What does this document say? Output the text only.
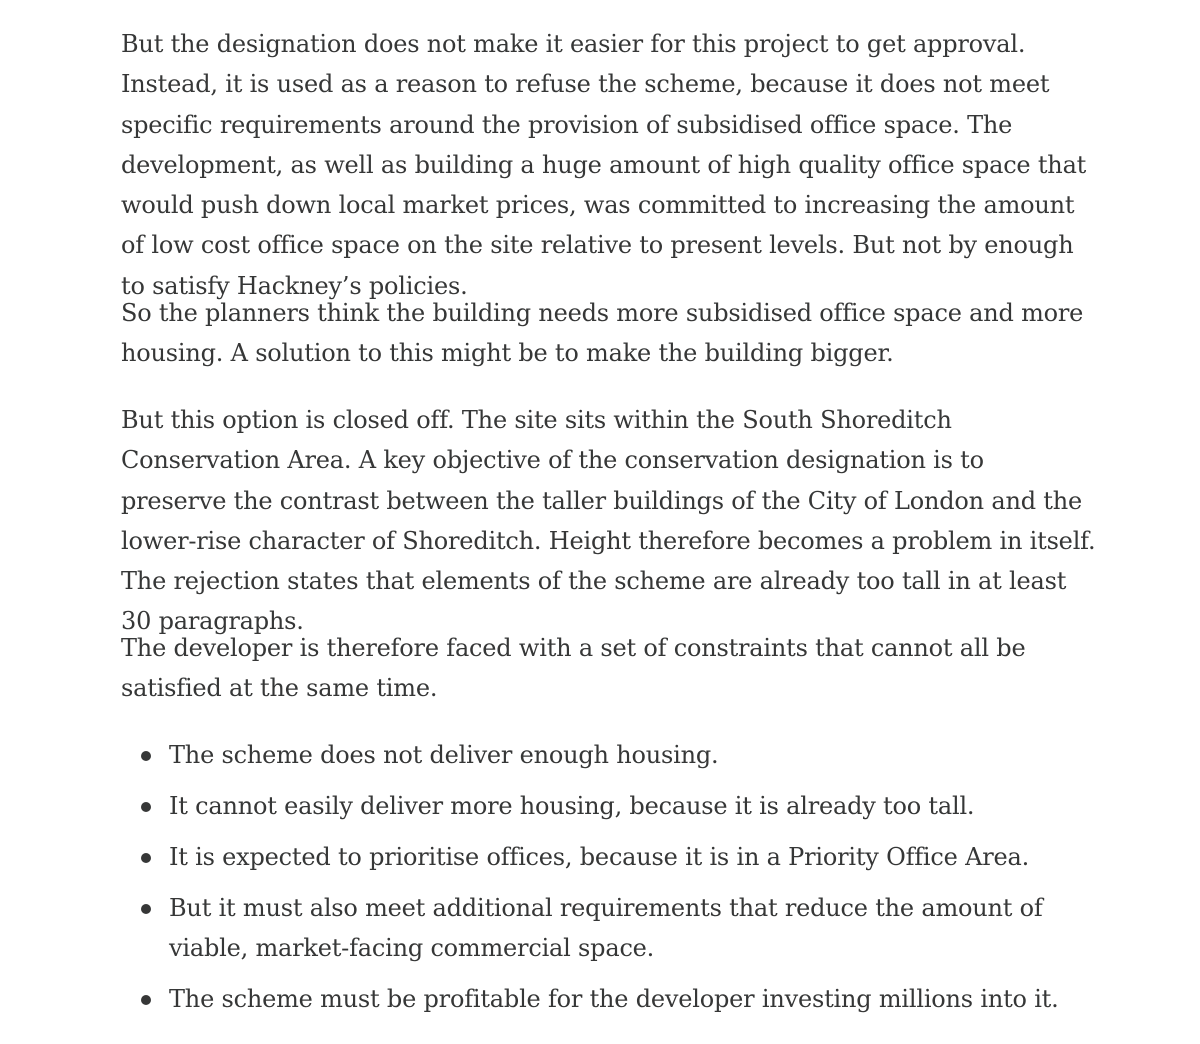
But the designation does not make it easier for this project to get approval. Instead, it is used as a reason to refuse the scheme, because it does not meet specific requirements around the provision of subsidised office space. The development, as well as building a huge amount of high quality office space that would push down local market prices, was committed to increasing the amount of low cost office space on the site relative to present levels. But not by enough to satisfy Hackney’s policies.

So the planners think the building needs more subsidised office space and more housing. A solution to this might be to make the building bigger.

But this option is closed off. The site sits within the South Shoreditch Conservation Area. A key objective of the conservation designation is to preserve the contrast between the taller buildings of the City of London and the lower-rise character of Shoreditch. Height therefore becomes a problem in itself. The rejection states that elements of the scheme are already too tall in at least 30 paragraphs.

The developer is therefore faced with a set of constraints that cannot all be satisfied at the same time.

The scheme does not deliver enough housing.
It cannot easily deliver more housing, because it is already too tall.
It is expected to prioritise offices, because it is in a Priority Office Area.
But it must also meet additional requirements that reduce the amount of viable, market-facing commercial space.
The scheme must be profitable for the developer investing millions into it.
